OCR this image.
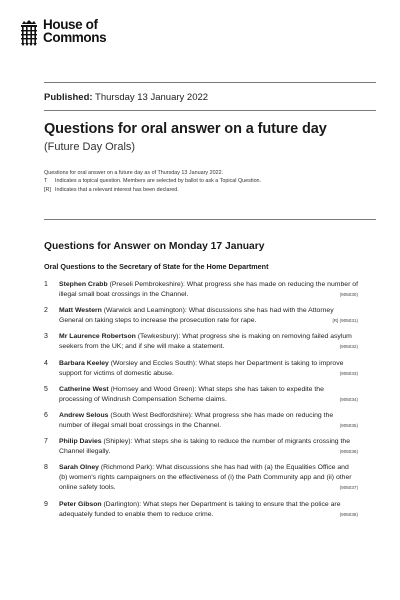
House of
Commons
Published: Thursday 13 January 2022
Questions for oral answer on a future day
(Future Day Orals)
Questions for oral answer on a future day as of Thursday 13 January 2022.
T	Indicates a topical question. Members are selected by ballot to ask a Topical Question.
[R] Indicates that a relevant interest has been declared.
Questions for Answer on Monday 17 January
Oral Questions to the Secretary of State for the Home Department
1	Stephen Crabb (Preseli Pembrokeshire): What progress she has made on reducing the number of illegal small boat crossings in the Channel.	(905030)
2	Matt Western (Warwick and Leamington): What discussions she has had with the Attorney General on taking steps to increase the prosecution rate for rape.	[R] (905031)
3	Mr Laurence Robertson (Tewkesbury): What progress she is making on removing failed asylum seekers from the UK; and if she will make a statement.	(905032)
4	Barbara Keeley (Worsley and Eccles South): What steps her Department is taking to improve support for victims of domestic abuse.	(905033)
5	Catherine West (Hornsey and Wood Green): What steps she has taken to expedite the processing of Windrush Compensation Scheme claims.	(905034)
6	Andrew Selous (South West Bedfordshire): What progress she has made on reducing the number of illegal small boat crossings in the Channel.	(905035)
7	Philip Davies (Shipley): What steps she is taking to reduce the number of migrants crossing the Channel illegally.	(905036)
8	Sarah Olney (Richmond Park): What discussions she has had with (a) the Equalities Office and (b) women's rights campaigners on the effectiveness of (i) the Path Community app and (ii) other online safety tools.	(905037)
9	Peter Gibson (Darlington): What steps her Department is taking to ensure that the police are adequately funded to enable them to reduce crime.	(905038)
